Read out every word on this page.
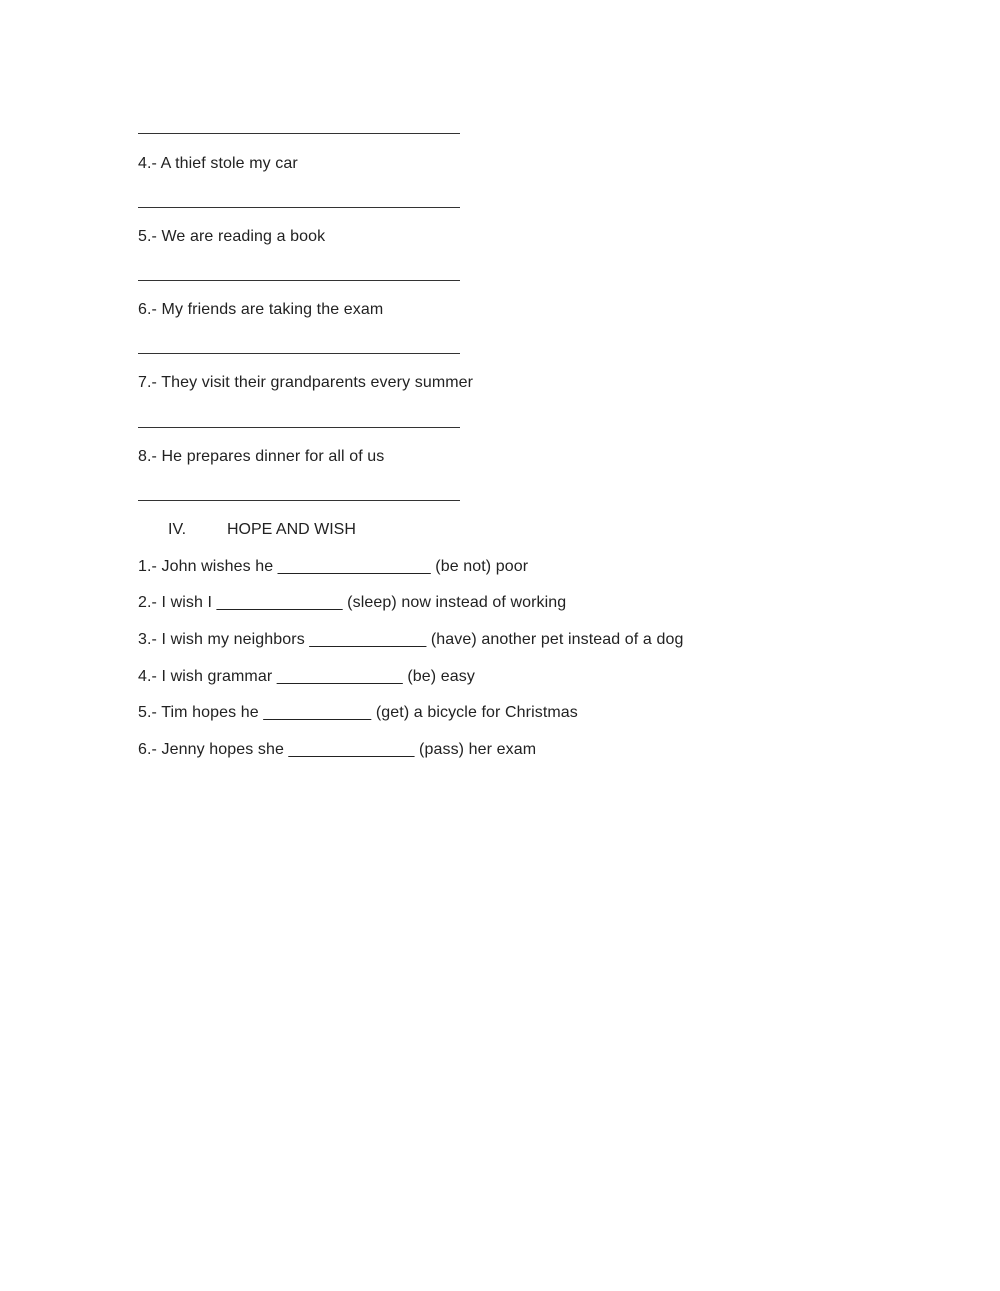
4.- A thief stole my car
5.- We are reading a book
6.- My friends are taking the exam
7.- They visit their grandparents every summer
8.- He prepares dinner for all of us
IV.	HOPE AND WISH
1.- John wishes he _________________ (be not) poor
2.- I wish I ______________ (sleep) now instead of working
3.- I wish my neighbors _____________ (have) another pet instead of a dog
4.- I wish grammar ______________ (be) easy
5.- Tim hopes he ____________ (get) a bicycle for Christmas
6.- Jenny hopes she ______________ (pass) her exam
